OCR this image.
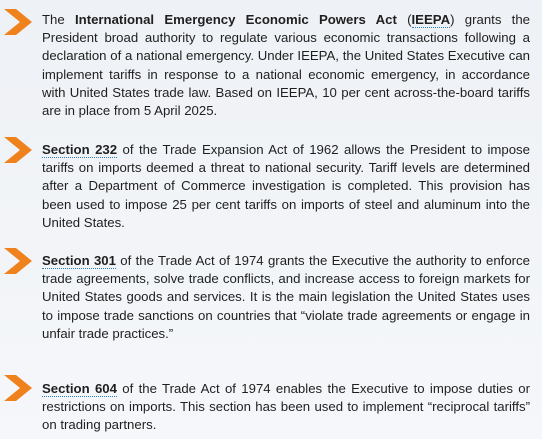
The International Emergency Economic Powers Act (IEEPA) grants the President broad authority to regulate various economic transactions following a declaration of a national emergency. Under IEEPA, the United States Executive can implement tariffs in response to a national economic emergency, in accordance with United States trade law. Based on IEEPA, 10 per cent across-the-board tariffs are in place from 5 April 2025.
Section 232 of the Trade Expansion Act of 1962 allows the President to impose tariffs on imports deemed a threat to national security. Tariff levels are determined after a Department of Commerce investigation is completed. This provision has been used to impose 25 per cent tariffs on imports of steel and aluminum into the United States.
Section 301 of the Trade Act of 1974 grants the Executive the authority to enforce trade agreements, solve trade conflicts, and increase access to foreign markets for United States goods and services. It is the main legislation the United States uses to impose trade sanctions on countries that “violate trade agreements or engage in unfair trade practices.”
Section 604 of the Trade Act of 1974 enables the Executive to impose duties or restrictions on imports. This section has been used to implement “reciprocal tariffs” on trading partners.
